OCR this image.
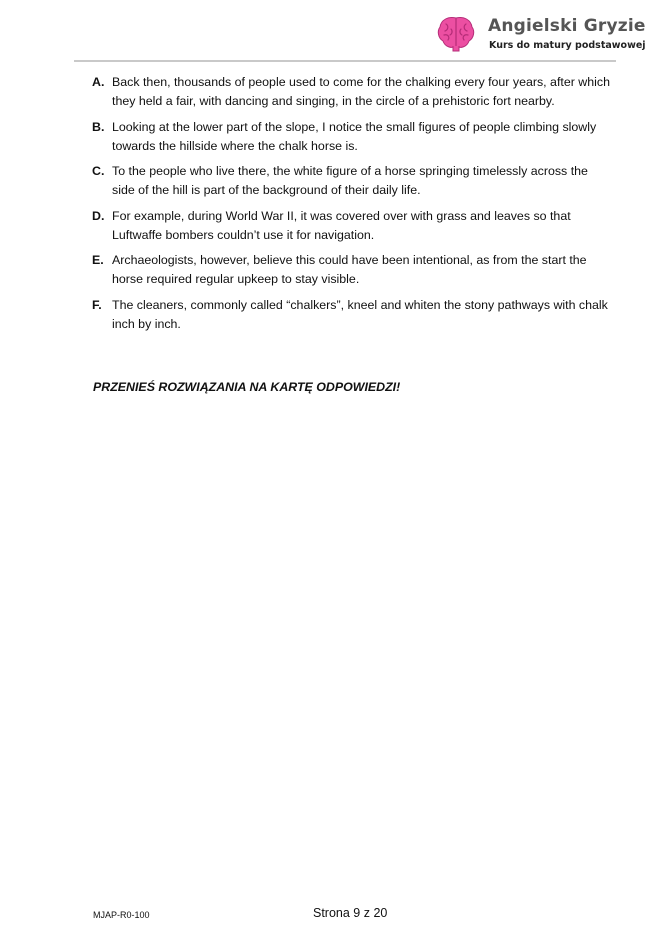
Angielski Gryzie
Kurs do matury podstawowej
A. Back then, thousands of people used to come for the chalking every four years, after which they held a fair, with dancing and singing, in the circle of a prehistoric fort nearby.
B. Looking at the lower part of the slope, I notice the small figures of people climbing slowly towards the hillside where the chalk horse is.
C. To the people who live there, the white figure of a horse springing timelessly across the side of the hill is part of the background of their daily life.
D. For example, during World War II, it was covered over with grass and leaves so that Luftwaffe bombers couldn’t use it for navigation.
E. Archaeologists, however, believe this could have been intentional, as from the start the horse required regular upkeep to stay visible.
F. The cleaners, commonly called “chalkers”, kneel and whiten the stony pathways with chalk inch by inch.
PRZENIEŚ ROZWIĄZANIA NA KARTĘ ODPOWIEDZI!
MJAP-R0-100	Strona 9 z 20
